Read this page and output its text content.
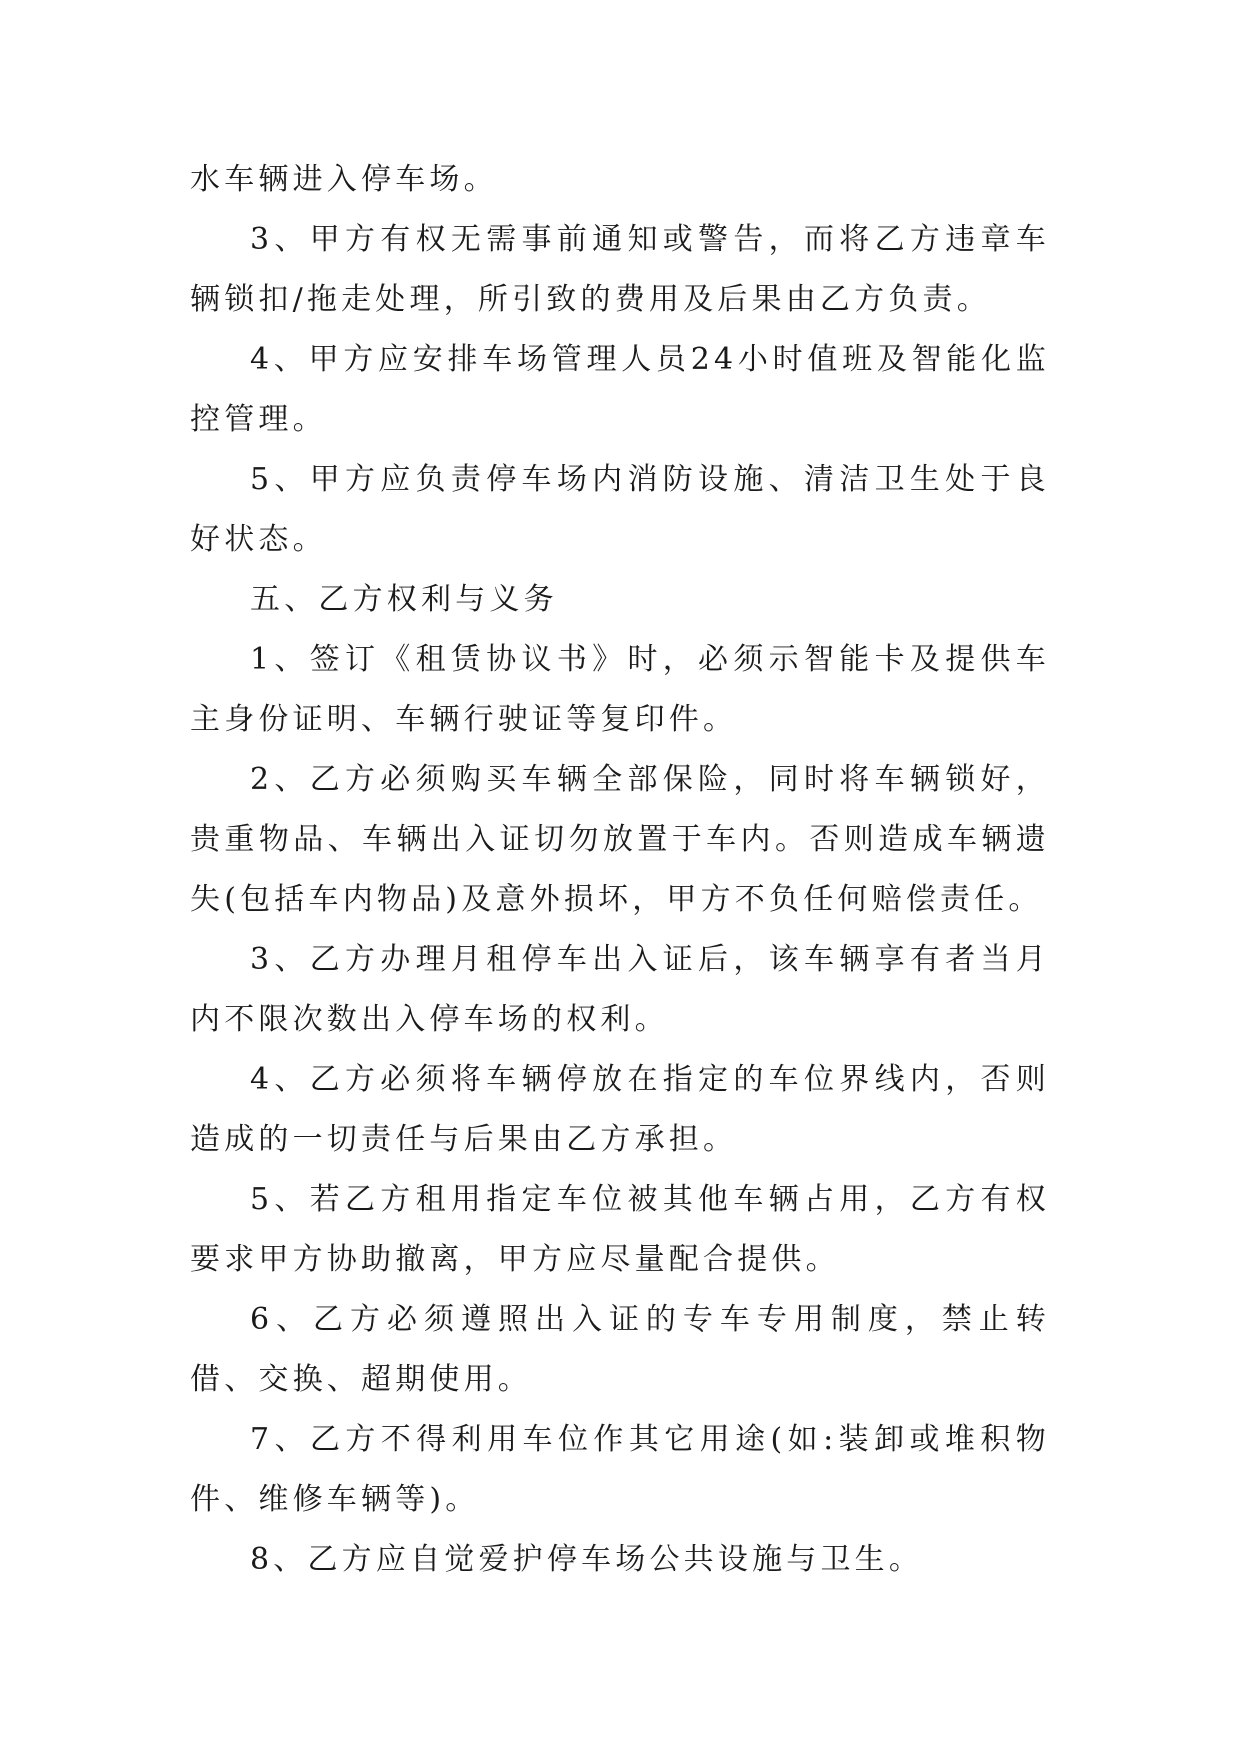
水车辆进入停车场。

3、甲方有权无需事前通知或警告，而将乙方违章车辆锁扣/拖走处理，所引致的费用及后果由乙方负责。

4、甲方应安排车场管理人员24小时值班及智能化监控管理。

5、甲方应负责停车场内消防设施、清洁卫生处于良好状态。

五、乙方权利与义务

1、签订《租赁协议书》时，必须示智能卡及提供车主身份证明、车辆行驶证等复印件。

2、乙方必须购买车辆全部保险，同时将车辆锁好，贵重物品、车辆出入证切勿放置于车内。否则造成车辆遗失(包括车内物品)及意外损坏，甲方不负任何赔偿责任。

3、乙方办理月租停车出入证后，该车辆享有者当月内不限次数出入停车场的权利。

4、乙方必须将车辆停放在指定的车位界线内，否则造成的一切责任与后果由乙方承担。

5、若乙方租用指定车位被其他车辆占用，乙方有权要求甲方协助撤离，甲方应尽量配合提供。

6、乙方必须遵照出入证的专车专用制度，禁止转借、交换、超期使用。

7、乙方不得利用车位作其它用途(如:装卸或堆积物件、维修车辆等)。

8、乙方应自觉爱护停车场公共设施与卫生。
